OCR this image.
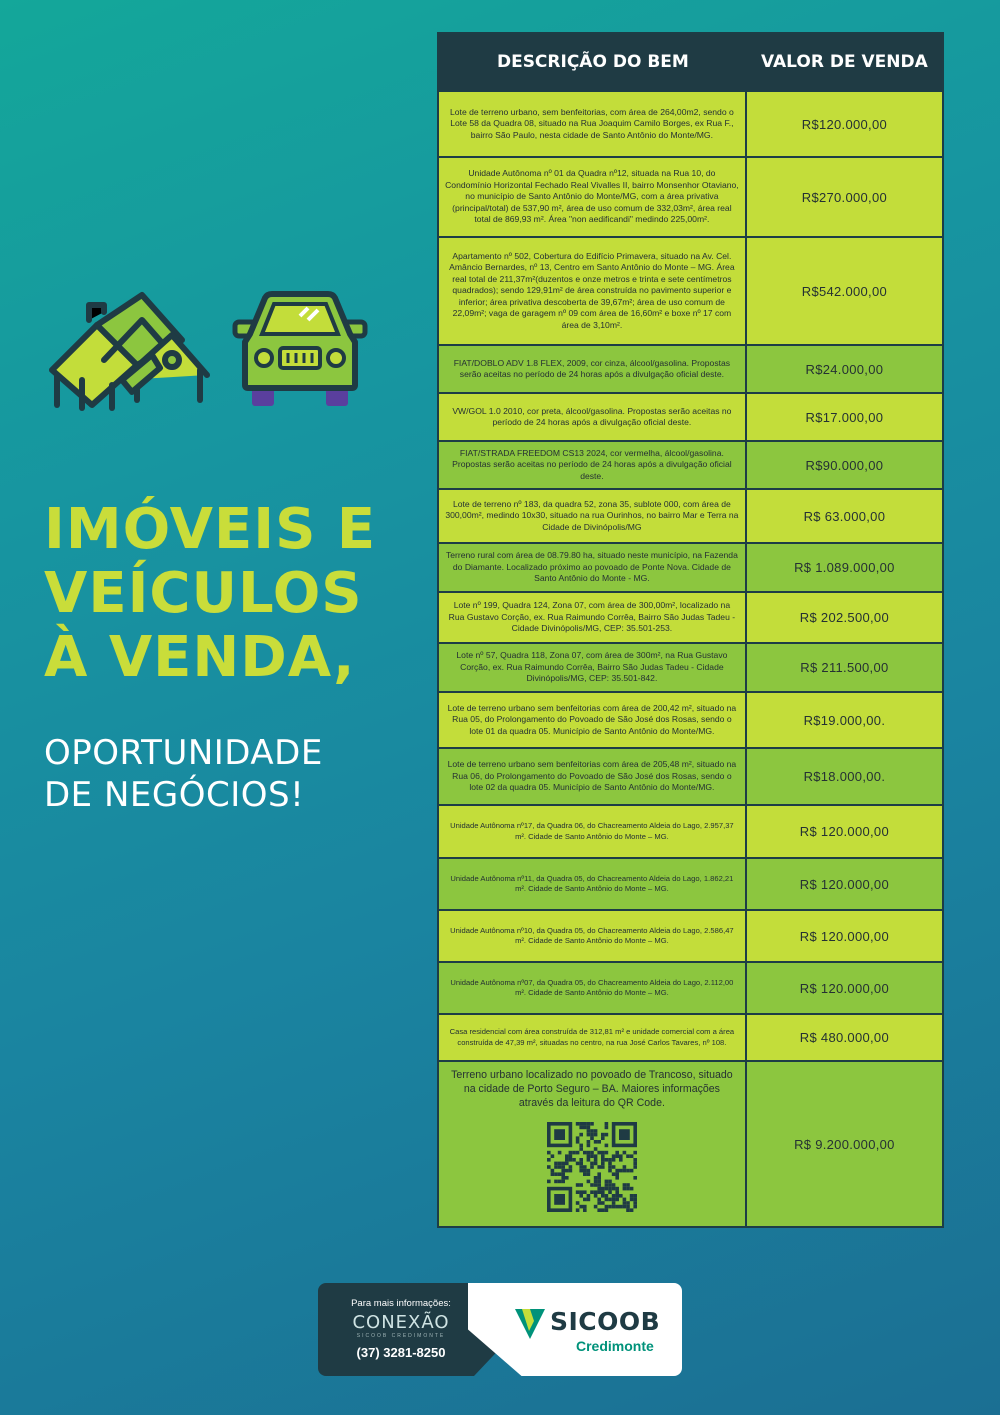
IMÓVEIS E
VEÍCULOS
À VENDA,
OPORTUNIDADE
DE NEGÓCIOS!
DESCRIÇÃO DO BEM	VALOR DE VENDA
Lote de terreno urbano, sem benfeitorias, com área de 264,00m2, sendo o Lote 58 da Quadra 08, situado na Rua Joaquim Camilo Borges, ex Rua F., bairro São Paulo, nesta cidade de Santo Antônio do Monte/MG.
R$120.000,00
Unidade Autônoma nº 01 da Quadra nº12, situada na Rua 10, do Condomínio Horizontal Fechado Real Vivalles II, bairro Monsenhor Otaviano, no município de Santo Antônio do Monte/MG, com a área privativa (principal/total) de 537,90 m², área de uso comum de 332,03m², área real total de 869,93 m². Área "non aedificandi" medindo 225,00m².
R$270.000,00
Apartamento nº 502, Cobertura do Edifício Primavera, situado na Av. Cel. Amâncio Bernardes, nº 13, Centro em Santo Antônio do Monte – MG. Área real total de 211,37m²(duzentos e onze metros e trinta e sete centímetros quadrados); sendo 129,91m² de área construída no pavimento superior e inferior; área privativa descoberta de 39,67m²; área de uso comum de 22,09m²; vaga de garagem nº 09 com área de 16,60m² e boxe nº 17 com área de 3,10m².
R$542.000,00
FIAT/DOBLO ADV 1.8 FLEX, 2009, cor cinza, álcool/gasolina. Propostas serão aceitas no período de 24 horas após a divulgação oficial deste.	R$24.000,00
VW/GOL 1.0 2010, cor preta, álcool/gasolina. Propostas serão aceitas no período de 24 horas após a divulgação oficial deste.	R$17.000,00
FIAT/STRADA FREEDOM CS13 2024, cor vermelha, álcool/gasolina. Propostas serão aceitas no período de 24 horas após a divulgação oficial deste.
R$90.000,00
Lote de terreno nº 183, da quadra 52, zona 35, sublote 000, com área de 300,00m², medindo 10x30, situado na rua Ourinhos, no bairro Mar e Terra na Cidade de Divinópolis/MG
R$ 63.000,00
Terreno rural com área de 08.79.80 ha, situado neste município, na Fazenda do Diamante. Localizado próximo ao povoado de Ponte Nova. Cidade de Santo Antônio do Monte - MG.
R$ 1.089.000,00
Lote nº 199, Quadra 124, Zona 07, com área de 300,00m², localizado na Rua Gustavo Corção, ex. Rua Raimundo Corrêa, Bairro São Judas Tadeu - Cidade Divinópolis/MG, CEP: 35.501-253.
R$ 202.500,00
Lote nº 57, Quadra 118, Zona 07, com área de 300m², na Rua Gustavo Corção, ex. Rua Raimundo Corrêa, Bairro São Judas Tadeu - Cidade Divinópolis/MG, CEP: 35.501-842.
R$ 211.500,00
Lote de terreno urbano sem benfeitorias com área de 200,42 m², situado na Rua 05, do Prolongamento do Povoado de São José dos Rosas, sendo o lote 01 da quadra 05. Município de Santo Antônio do Monte/MG.
R$19.000,00.
Lote de terreno urbano sem benfeitorias com área de 205,48 m², situado na Rua 06, do Prolongamento do Povoado de São José dos Rosas, sendo o lote 02 da quadra 05. Município de Santo Antônio do Monte/MG.
R$18.000,00.
Unidade Autônoma nº17, da Quadra 06, do Chacreamento Aldeia do Lago, 2.957,37 m². Cidade de Santo Antônio do Monte – MG.	R$ 120.000,00
Unidade Autônoma nº11, da Quadra 05, do Chacreamento Aldeia do Lago, 1.862,21 m². Cidade de Santo Antônio do Monte – MG.	R$ 120.000,00
Unidade Autônoma nº10, da Quadra 05, do Chacreamento Aldeia do Lago, 2.586,47 m². Cidade de Santo Antônio do Monte – MG.	R$ 120.000,00
Unidade Autônoma nº07, da Quadra 05, do Chacreamento Aldeia do Lago, 2.112,00 m². Cidade de Santo Antônio do Monte – MG.	R$ 120.000,00
Casa residencial com área construída de 312,81 m² e unidade comercial com a área construída de 47,39 m², situadas no centro, na rua José Carlos Tavares, nº 108.	R$ 480.000,00
Terreno urbano localizado no povoado de Trancoso, situado na cidade de Porto Seguro – BA. Maiores informações através da leitura do QR Code.
R$ 9.200.000,00
Para mais informações:
CONEXÃO
SICOOB CREDIMONTE
(37) 3281-8250
SICOOB
Credimonte
